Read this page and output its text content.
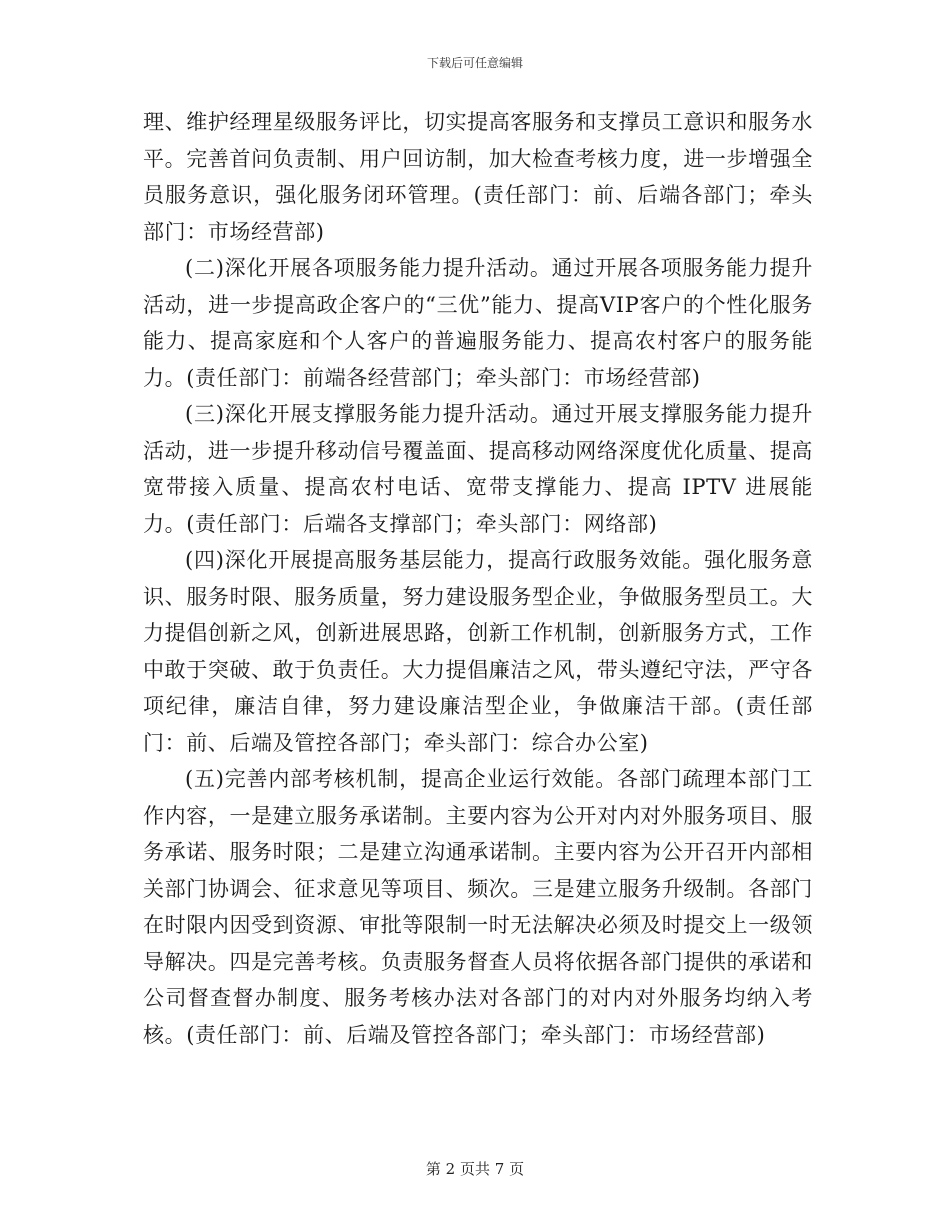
下载后可任意编辑

理、维护经理星级服务评比，切实提高客服务和支撑员工意识和服务水平。完善首问负责制、用户回访制，加大检查考核力度，进一步增强全员服务意识，强化服务闭环管理。(责任部门：前、后端各部门；牵头部门：市场经营部)

(二)深化开展各项服务能力提升活动。通过开展各项服务能力提升活动，进一步提高政企客户的“三优”能力、提高VIP客户的个性化服务能力、提高家庭和个人客户的普遍服务能力、提高农村客户的服务能力。(责任部门：前端各经营部门；牵头部门：市场经营部)

(三)深化开展支撑服务能力提升活动。通过开展支撑服务能力提升活动，进一步提升移动信号覆盖面、提高移动网络深度优化质量、提高宽带接入质量、提高农村电话、宽带支撑能力、提高 IPTV 进展能力。(责任部门：后端各支撑部门；牵头部门：网络部)

(四)深化开展提高服务基层能力，提高行政服务效能。强化服务意识、服务时限、服务质量，努力建设服务型企业，争做服务型员工。大力提倡创新之风，创新进展思路，创新工作机制，创新服务方式，工作中敢于突破、敢于负责任。大力提倡廉洁之风，带头遵纪守法，严守各项纪律，廉洁自律，努力建设廉洁型企业，争做廉洁干部。(责任部门：前、后端及管控各部门；牵头部门：综合办公室)

(五)完善内部考核机制，提高企业运行效能。各部门疏理本部门工作内容，一是建立服务承诺制。主要内容为公开对内对外服务项目、服务承诺、服务时限；二是建立沟通承诺制。主要内容为公开召开内部相关部门协调会、征求意见等项目、频次。三是建立服务升级制。各部门在时限内因受到资源、审批等限制一时无法解决必须及时提交上一级领导解决。四是完善考核。负责服务督查人员将依据各部门提供的承诺和公司督查督办制度、服务考核办法对各部门的对内对外服务均纳入考核。(责任部门：前、后端及管控各部门；牵头部门：市场经营部)

第 2 页共 7 页
